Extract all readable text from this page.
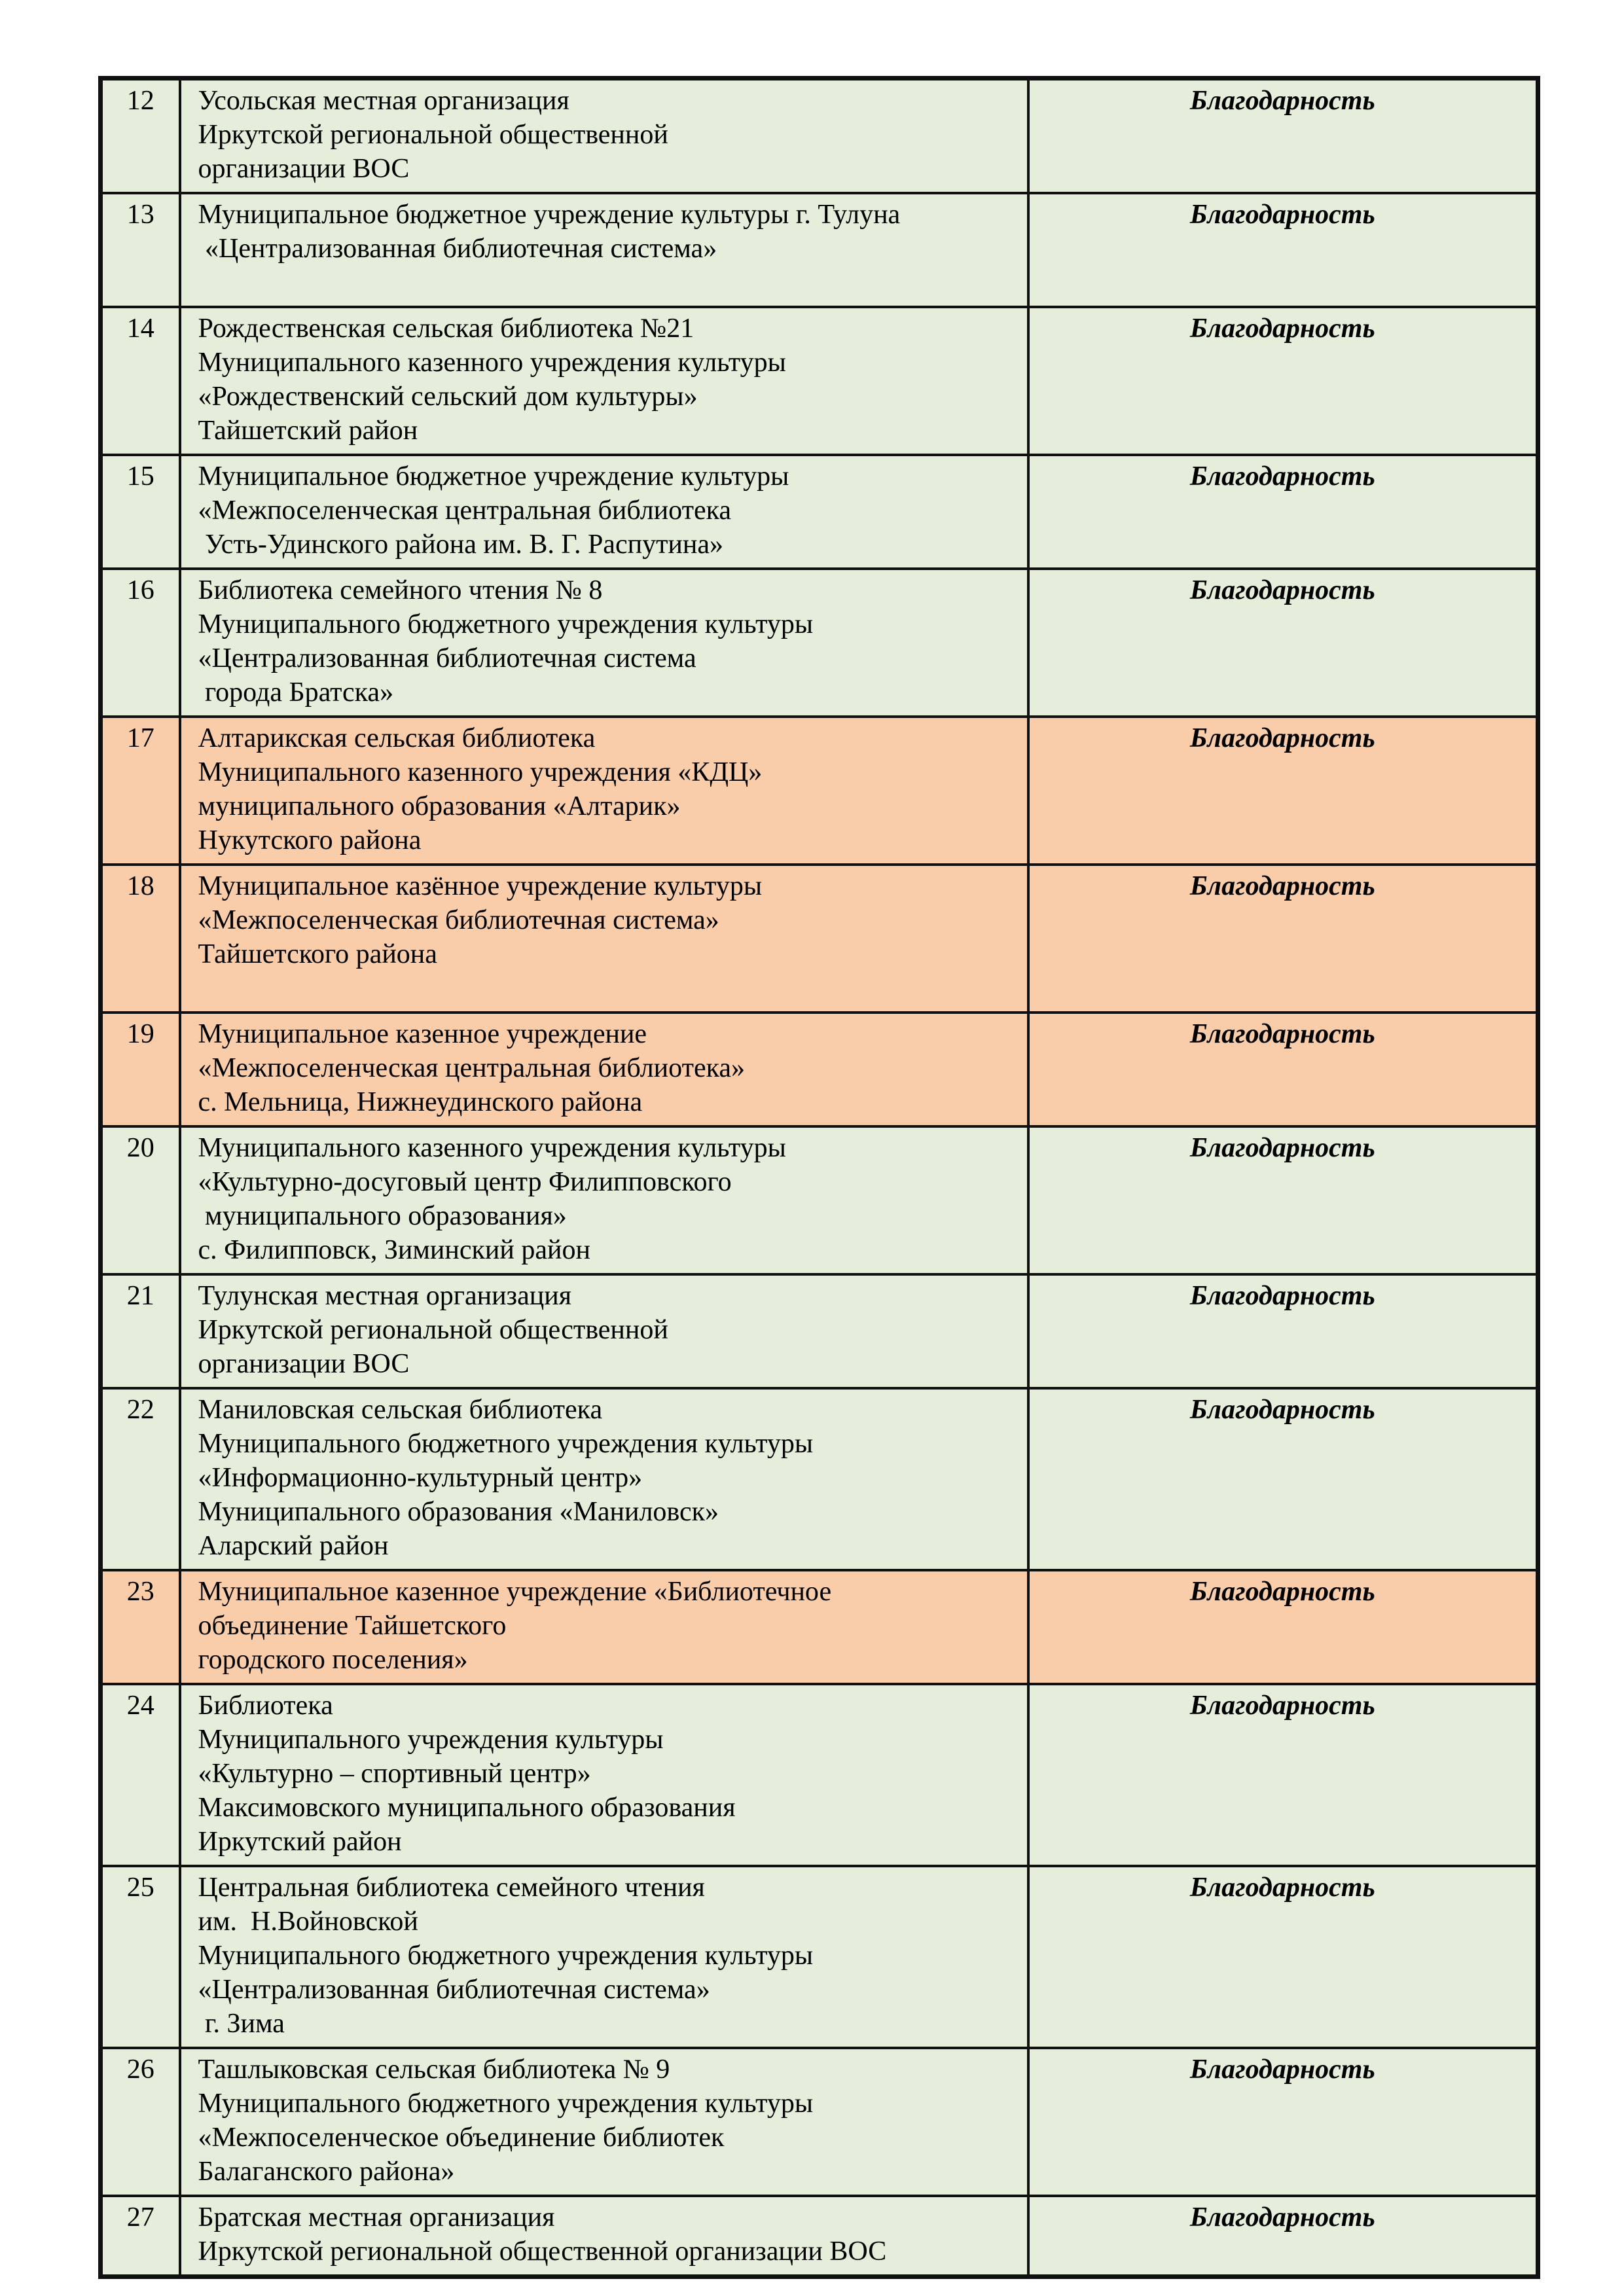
12	Усольская местная организация
Иркутской региональной общественной
организации ВОС	Благодарность
13	Муниципальное бюджетное учреждение культуры г. Тулуна
«Централизованная библиотечная система»	Благодарность
14	Рождественская сельская библиотека №21
Муниципального казенного учреждения культуры
«Рождественский сельский дом культуры»
Тайшетский район	Благодарность
15	Муниципальное бюджетное учреждение культуры
«Межпоселенческая центральная библиотека
Усть-Удинского района им. В. Г. Распутина»	Благодарность
16	Библиотека семейного чтения № 8
Муниципального бюджетного учреждения культуры
«Централизованная библиотечная система
города Братска»	Благодарность
17	Алтарикская сельская библиотека
Муниципального казенного учреждения «КДЦ»
муниципального образования «Алтарик»
Нукутского района	Благодарность
18	Муниципальное казённое учреждение культуры
«Межпоселенческая библиотечная система»
Тайшетского района	Благодарность
19	Муниципальное казенное учреждение
«Межпоселенческая центральная библиотека»
с. Мельница, Нижнеудинского района	Благодарность
20	Муниципального казенного учреждения культуры
«Культурно-досуговый центр Филипповского
муниципального образования»
с. Филипповск, Зиминский район	Благодарность
21	Тулунская местная организация
Иркутской региональной общественной
организации ВОС	Благодарность
22	Маниловская сельская библиотека
Муниципального бюджетного учреждения культуры
«Информационно-культурный центр»
Муниципального образования «Маниловск»
Аларский район	Благодарность
23	Муниципальное казенное учреждение «Библиотечное
объединение Тайшетского
городского поселения»	Благодарность
24	Библиотека
Муниципального учреждения культуры
«Культурно – спортивный центр»
Максимовского муниципального образования
Иркутский район	Благодарность
25	Центральная библиотека семейного чтения
им.  Н.Войновской
Муниципального бюджетного учреждения культуры
«Централизованная библиотечная система»
г. Зима	Благодарность
26	Ташлыковская сельская библиотека № 9
Муниципального бюджетного учреждения культуры
«Межпоселенческое объединение библиотек
Балаганского района»	Благодарность
27	Братская местная организация
Иркутской региональной общественной организации ВОС	Благодарность
